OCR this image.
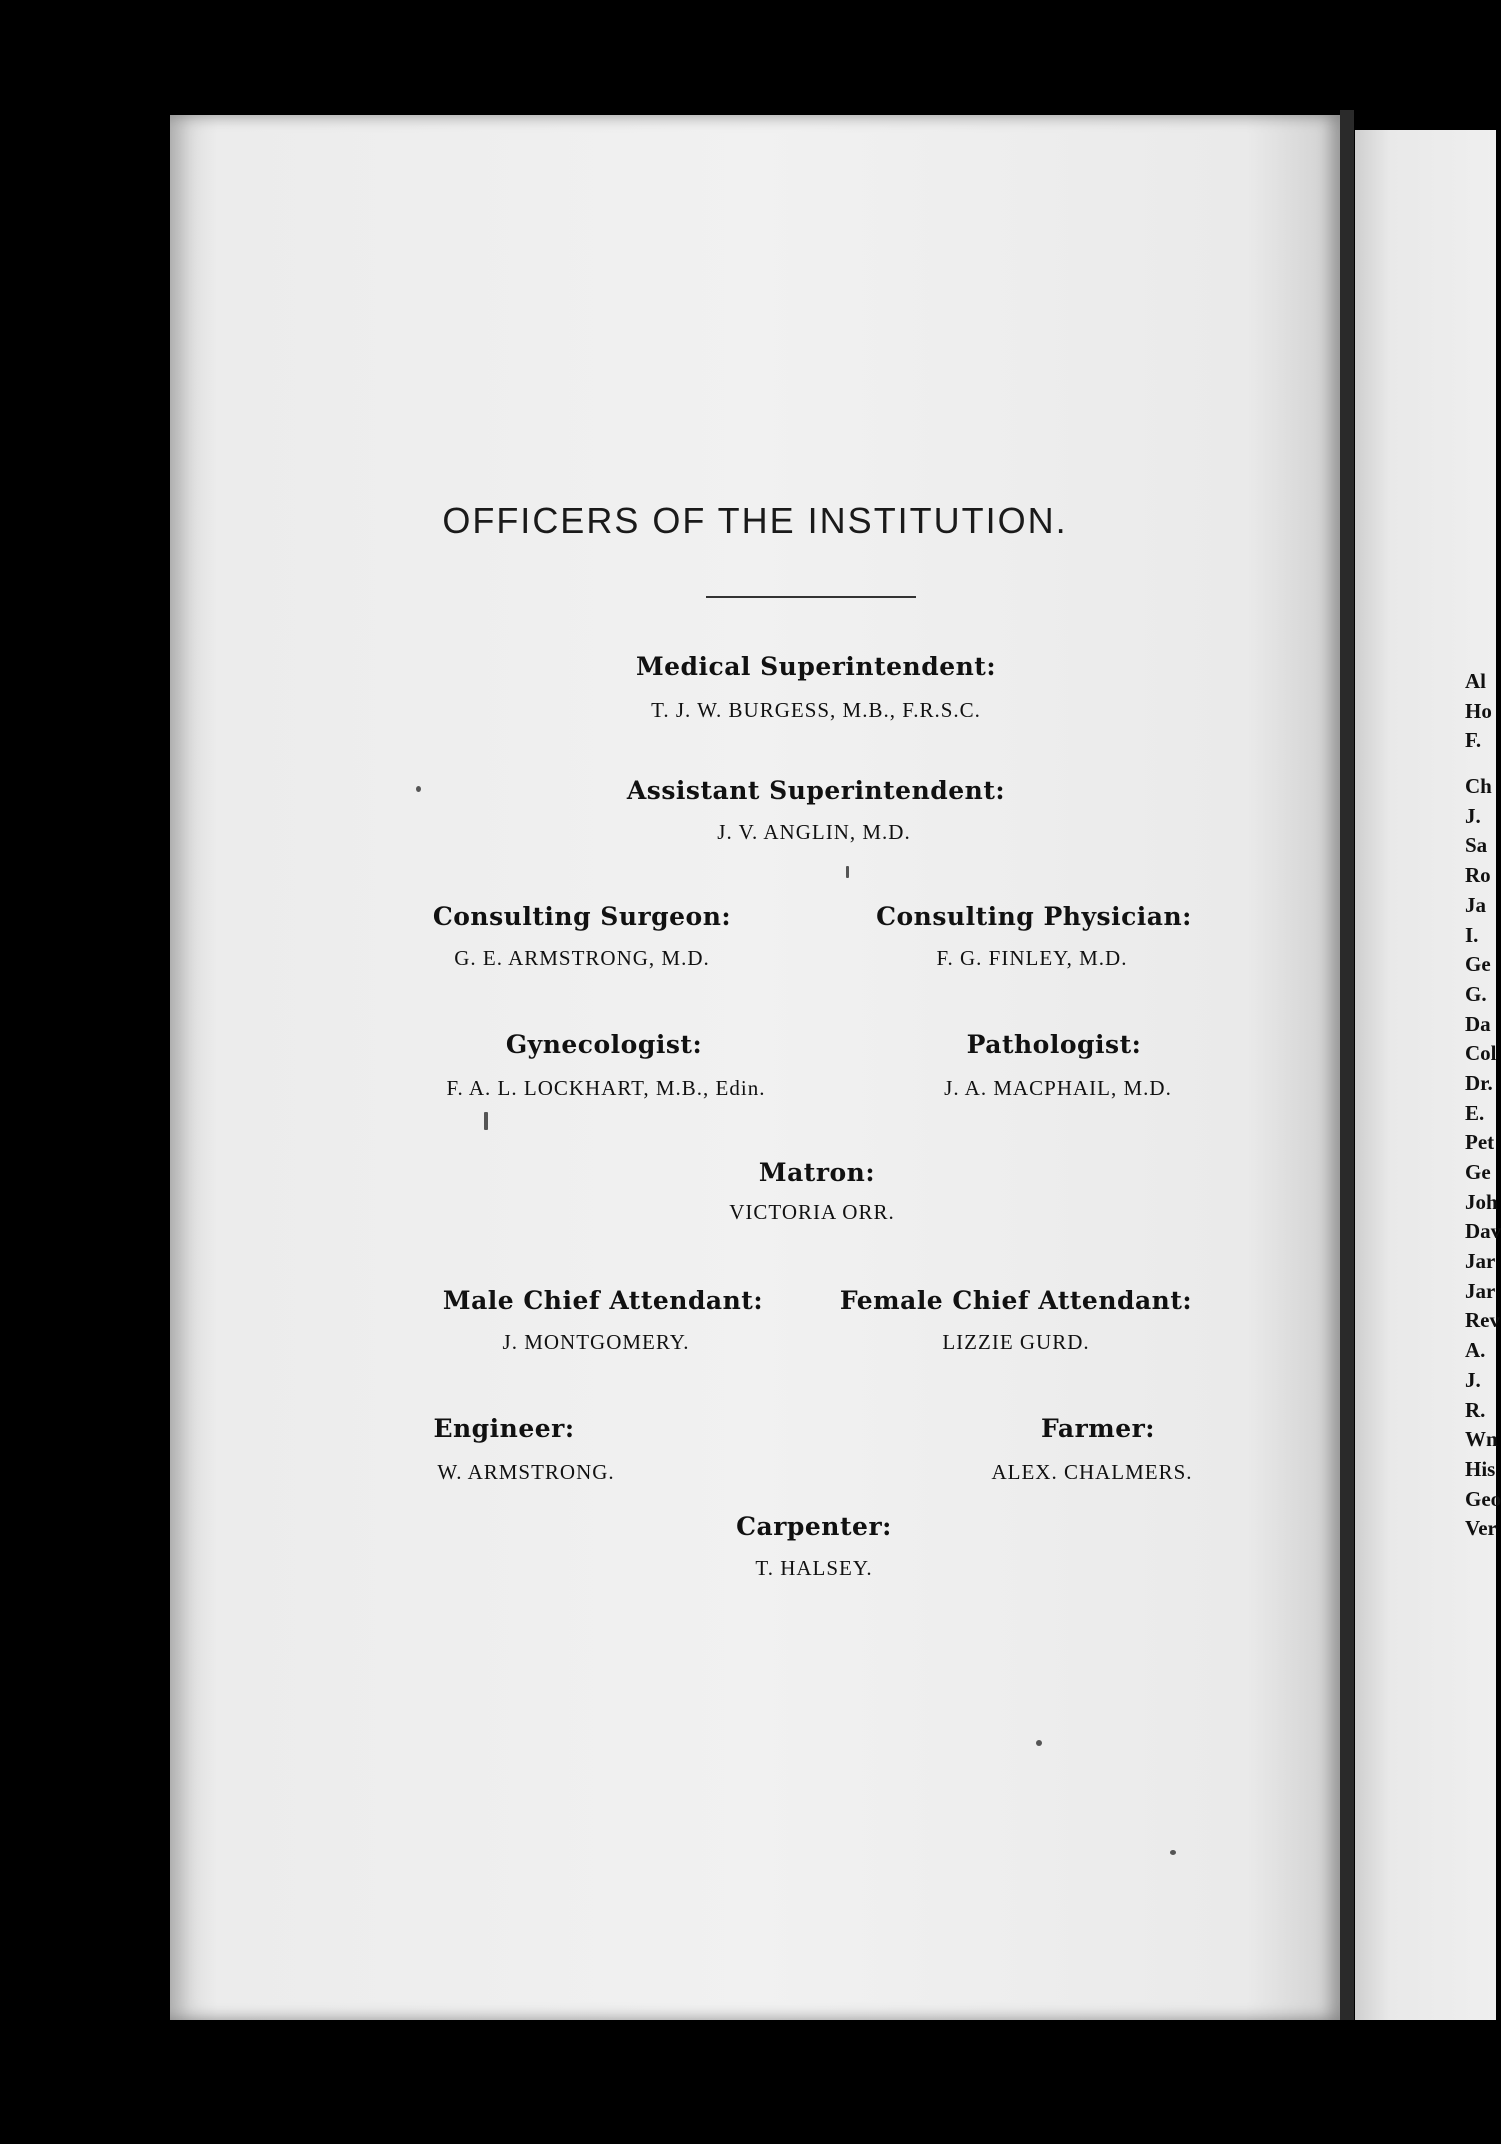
Al
Ho
F.
Ch
J.
Sa
Ro
Ja
I.
Ge
G.
Da
Col
Dr.
E.
Pet
Ge
Joh
Dav
Jar
Jar
Rev
A.
J.
R.
Wn
His
Geo
Ver
OFFICERS OF THE INSTITUTION.
Medical Superintendent:
T. J. W. BURGESS, M.B., F.R.S.C.
Assistant Superintendent:
J. V. ANGLIN, M.D.
Consulting Surgeon:
G. E. ARMSTRONG, M.D.
Consulting Physician:
F. G. FINLEY, M.D.
Gynecologist:
F. A. L. LOCKHART, M.B., Edin.
Pathologist:
J. A. MACPHAIL, M.D.
Matron:
VICTORIA ORR.
Male Chief Attendant:
J. MONTGOMERY.
Female Chief Attendant:
LIZZIE GURD.
Engineer:
W. ARMSTRONG.
Farmer:
ALEX. CHALMERS.
Carpenter:
T. HALSEY.
